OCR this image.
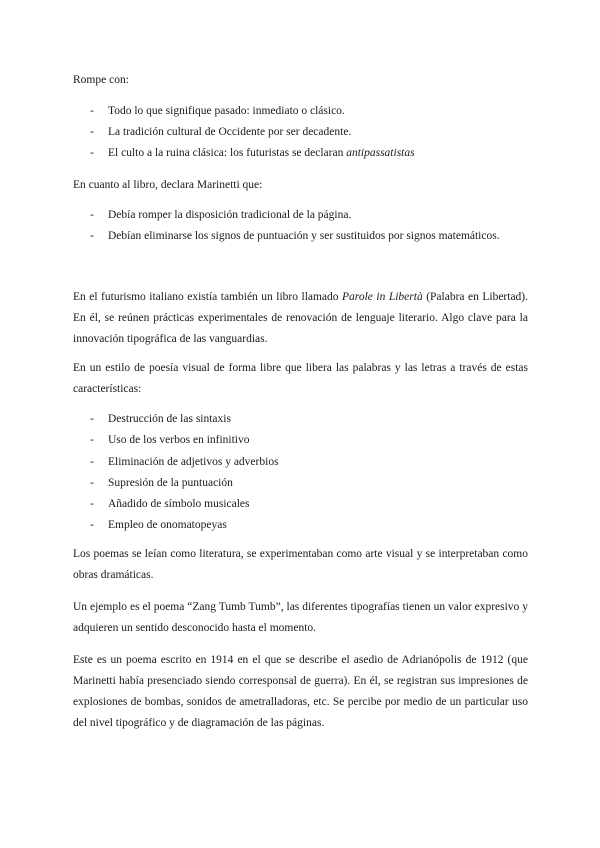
Rompe con:

- Todo lo que signifique pasado: inmediato o clásico.

- La tradición cultural de Occidente por ser decadente.

- El culto a la ruina clásica: los futuristas se declaran antipassatistas

En cuanto al libro, declara Marinetti que:

- Debía romper la disposición tradicional de la página.

- Debían eliminarse los signos de puntuación y ser sustituidos por signos matemáticos.

En el futurismo italiano existía también un libro llamado Parole in Libertà (Palabra en Libertad). En él, se reúnen prácticas experimentales de renovación de lenguaje literario. Algo clave para la innovación tipográfica de las vanguardias.

En un estilo de poesía visual de forma libre que libera las palabras y las letras a través de estas características:

- Destrucción de las sintaxis

- Uso de los verbos en infinitivo

- Eliminación de adjetivos y adverbios

- Supresión de la puntuación

- Añadido de símbolo musicales

- Empleo de onomatopeyas

Los poemas se leían como literatura, se experimentaban como arte visual y se interpretaban como obras dramáticas.

Un ejemplo es el poema “Zang Tumb Tumb”, las diferentes tipografías tienen un valor expresivo y adquieren un sentido desconocido hasta el momento.

Este es un poema escrito en 1914 en el que se describe el asedio de Adrianópolis de 1912 (que Marinetti había presenciado siendo corresponsal de guerra). En él, se registran sus impresiones de explosiones de bombas, sonidos de ametralladoras, etc. Se percibe por medio de un particular uso del nivel tipográfico y de diagramación de las páginas.
